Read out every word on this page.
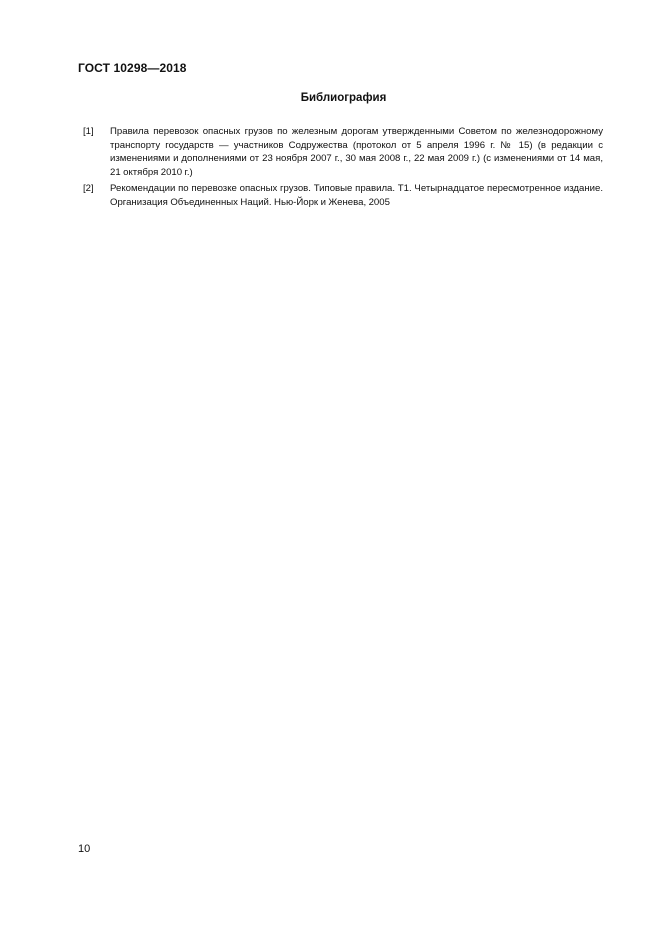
ГОСТ 10298—2018
Библиография
[1]	Правила перевозок опасных грузов по железным дорогам утвержденными Советом по железнодорожному транспорту государств — участников Содружества (протокол от 5 апреля 1996 г. № 15) (в редакции с изменениями и дополнениями от 23 ноября 2007 г., 30 мая 2008 г., 22 мая 2009 г.) (с изменениями от 14 мая, 21 октября 2010 г.)
[2]	Рекомендации по перевозке опасных грузов. Типовые правила. Т1. Четырнадцатое пересмотренное издание. Организация Объединенных Наций. Нью-Йорк и Женева, 2005
10
